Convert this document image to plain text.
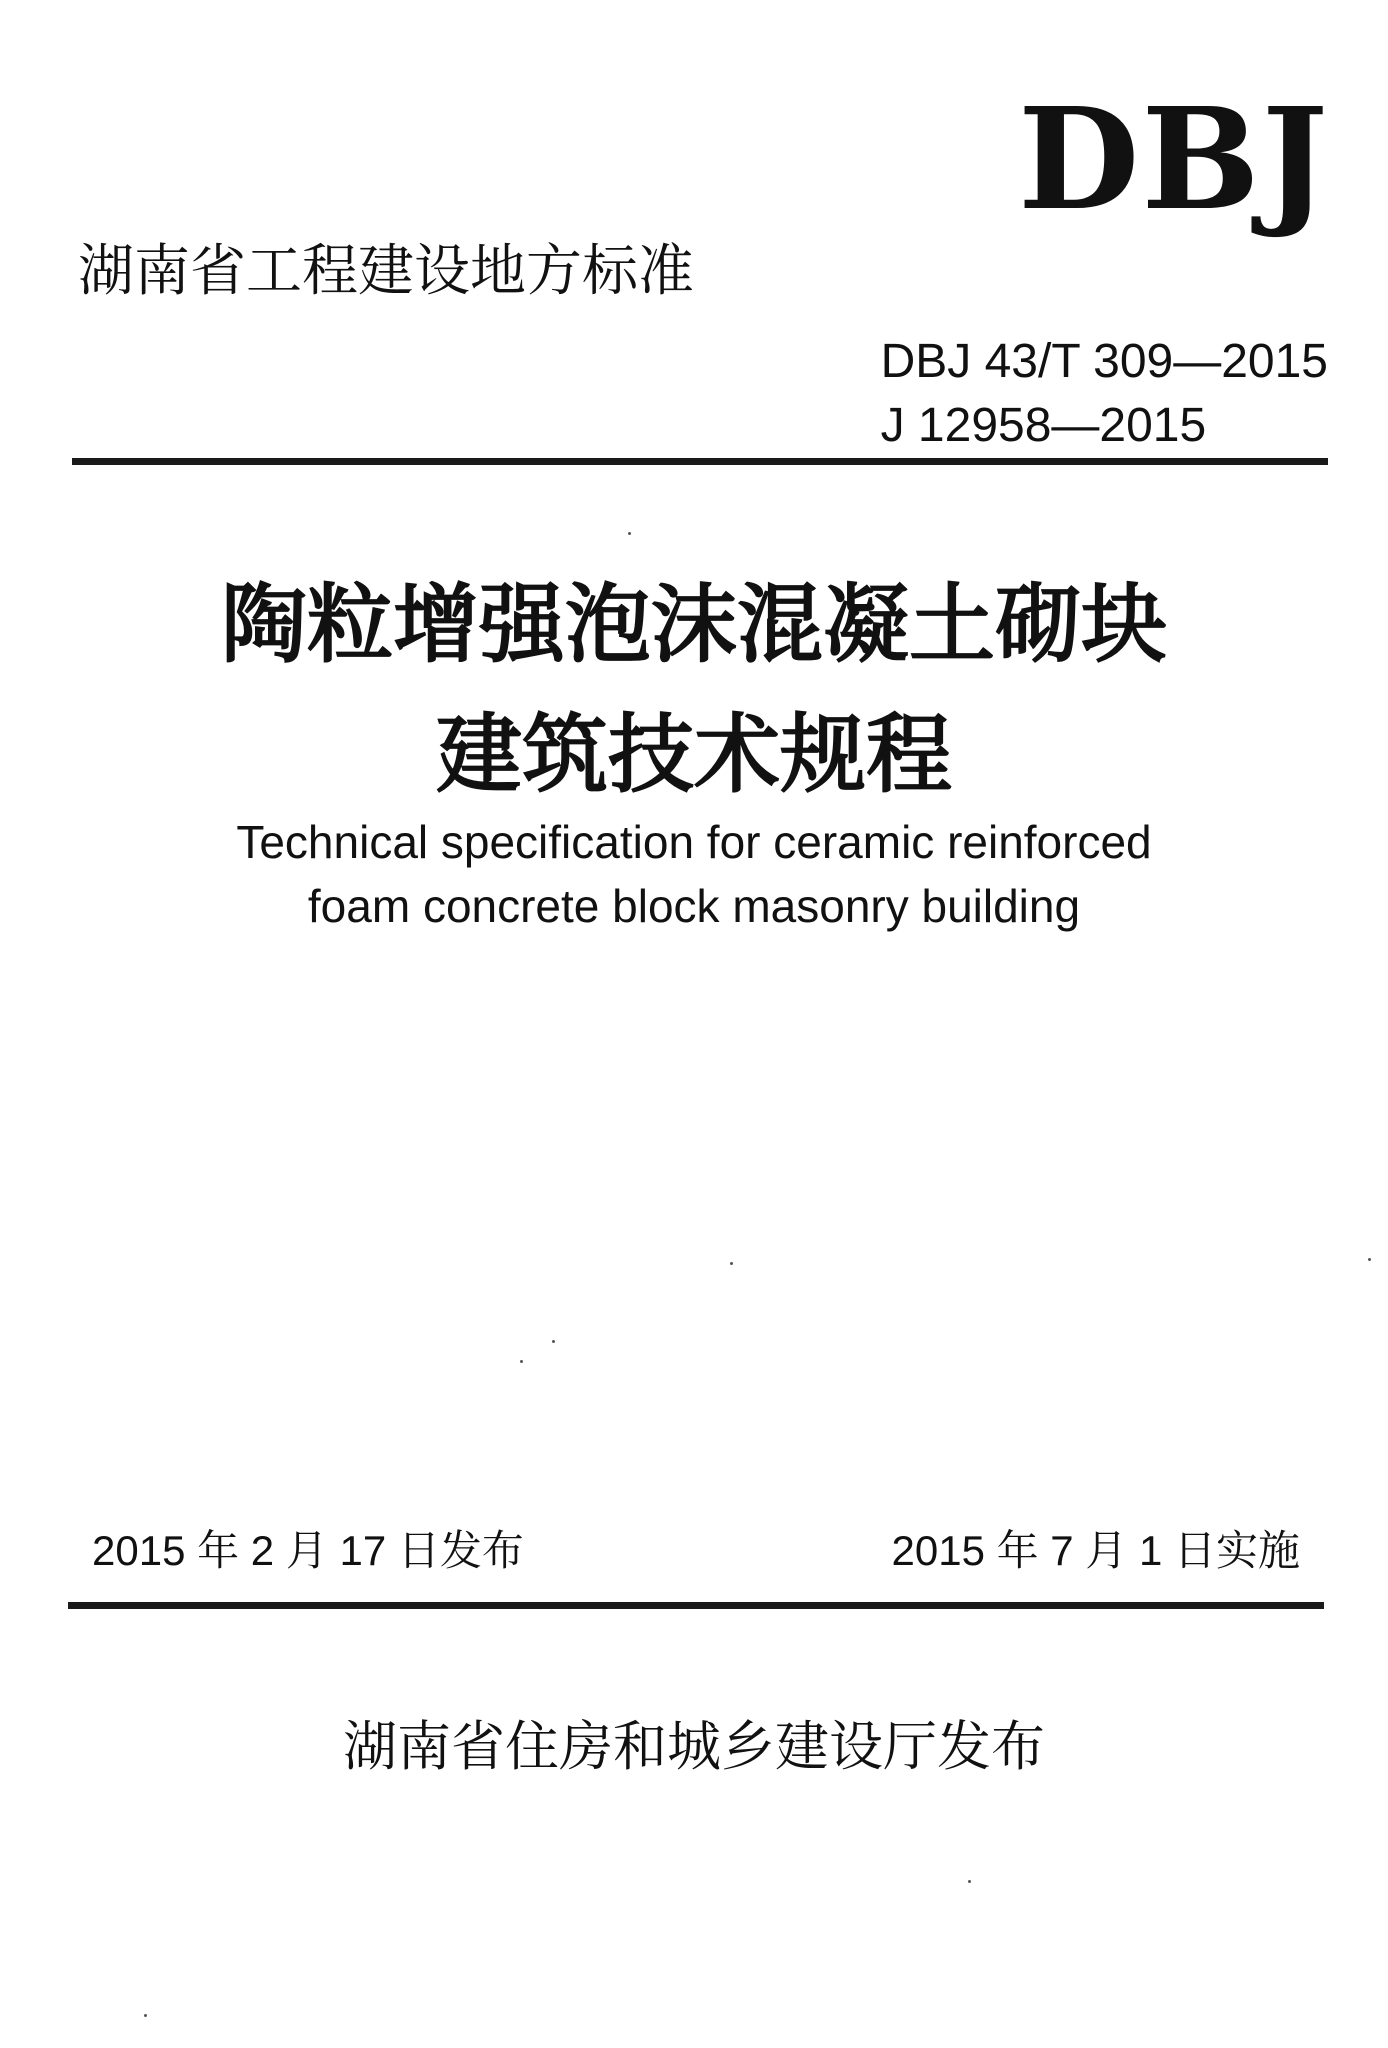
DBJ
湖南省工程建设地方标准
DBJ 43/T 309—2015
J 12958—2015
陶粒增强泡沫混凝土砌块
建筑技术规程
Technical specification for ceramic reinforced
foam concrete block masonry building
2015 年 2 月 17 日发布	2015 年 7 月 1 日实施
湖南省住房和城乡建设厅发布
